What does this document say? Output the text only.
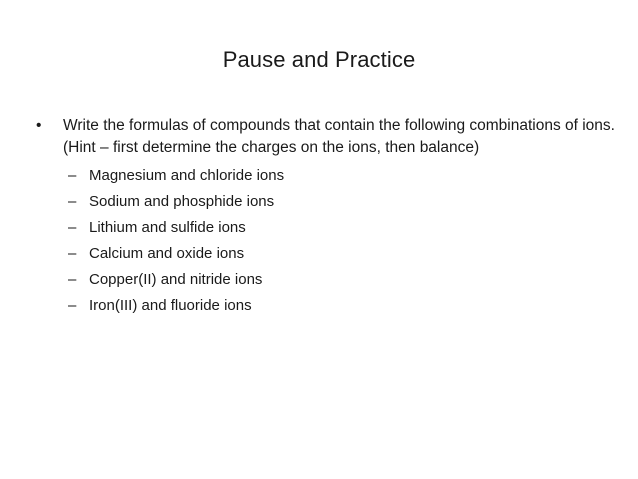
Pause and Practice
•	Write the formulas of compounds that contain the following combinations of ions. (Hint – first determine the charges on the ions, then balance)
– Magnesium and chloride ions
– Sodium and phosphide ions
– Lithium and sulfide ions
– Calcium and oxide ions
– Copper(II) and nitride ions
– Iron(III) and fluoride ions
